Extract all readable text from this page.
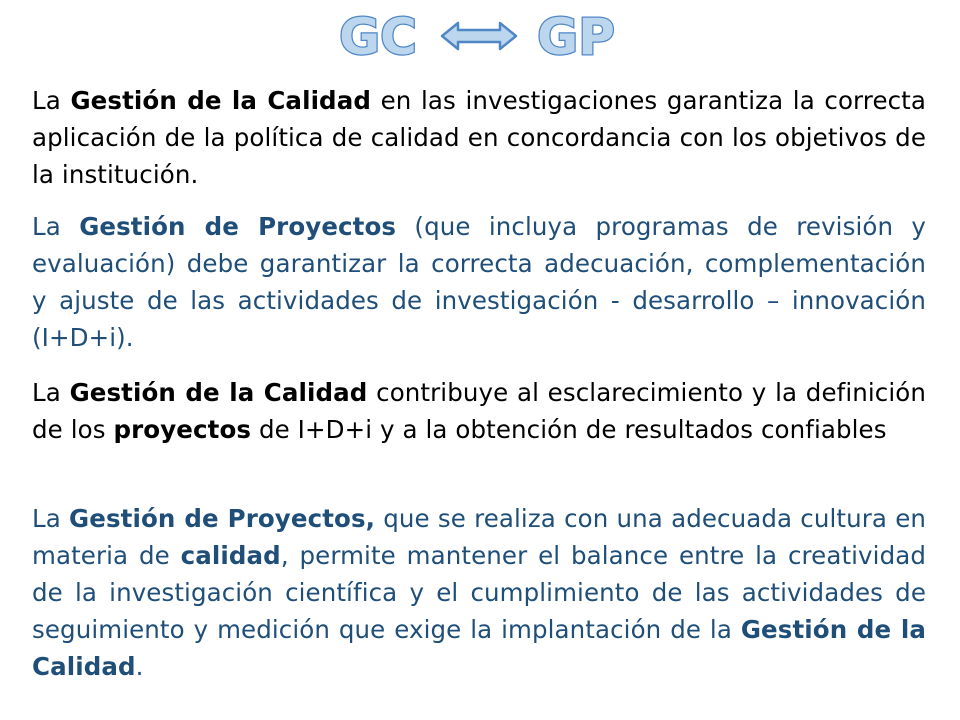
GC GP

La Gestión de la Calidad en las investigaciones garantiza la correcta aplicación de la política de calidad en concordancia con los objetivos de la institución.

La Gestión de Proyectos (que incluya programas de revisión y evaluación) debe garantizar la correcta adecuación, complementación y ajuste de las actividades de investigación - desarrollo – innovación (I+D+i).

La Gestión de la Calidad contribuye al esclarecimiento y la definición de los proyectos de I+D+i y a la obtención de resultados confiables

La Gestión de Proyectos, que se realiza con una adecuada cultura en materia de calidad, permite mantener el balance entre la creatividad de la investigación científica y el cumplimiento de las actividades de seguimiento y medición que exige la implantación de la Gestión de la Calidad.
